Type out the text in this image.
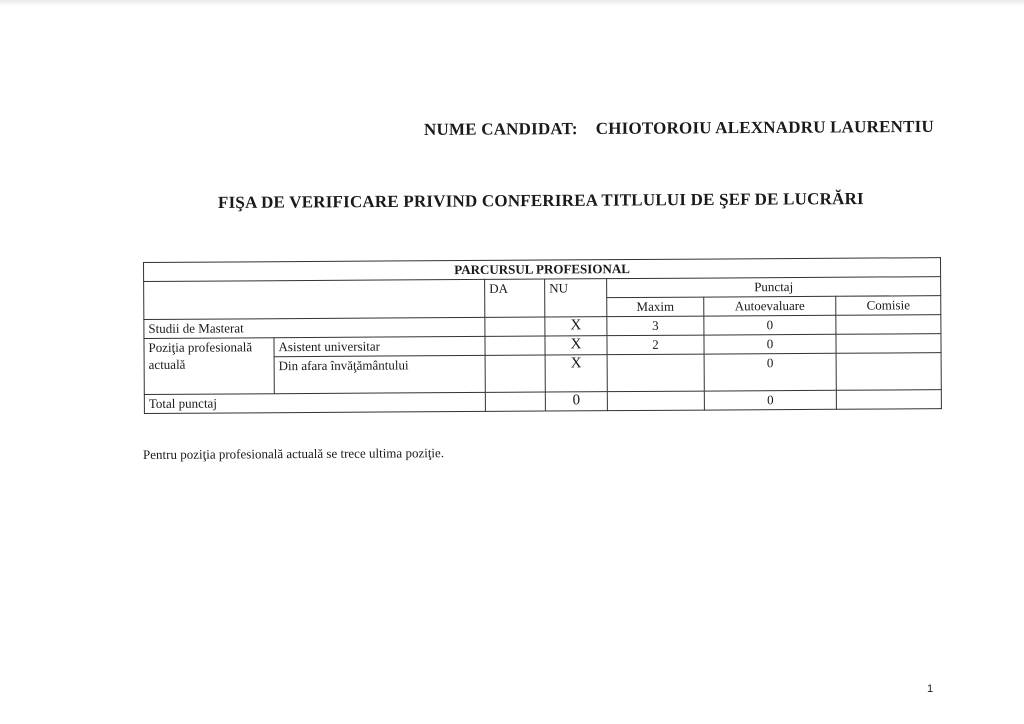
NUME CANDIDAT: CHIOTOROIU ALEXNADRU LAURENTIU
FIŞA DE VERIFICARE PRIVIND CONFERIREA TITLULUI DE ŞEF DE LUCRĂRI
PARCURSUL PROFESIONAL						
		DA	NU	Punctaj		
				Maxim	Autoevaluare	Comisie
Studii de Masterat			X	3	0	
Poziţia profesională actuală	Asistent universitar		X	2	0	
	Din afara învăţământului		X		0	
Total punctaj			0		0	
Pentru poziţia profesională actuală se trece ultima poziţie.
1
